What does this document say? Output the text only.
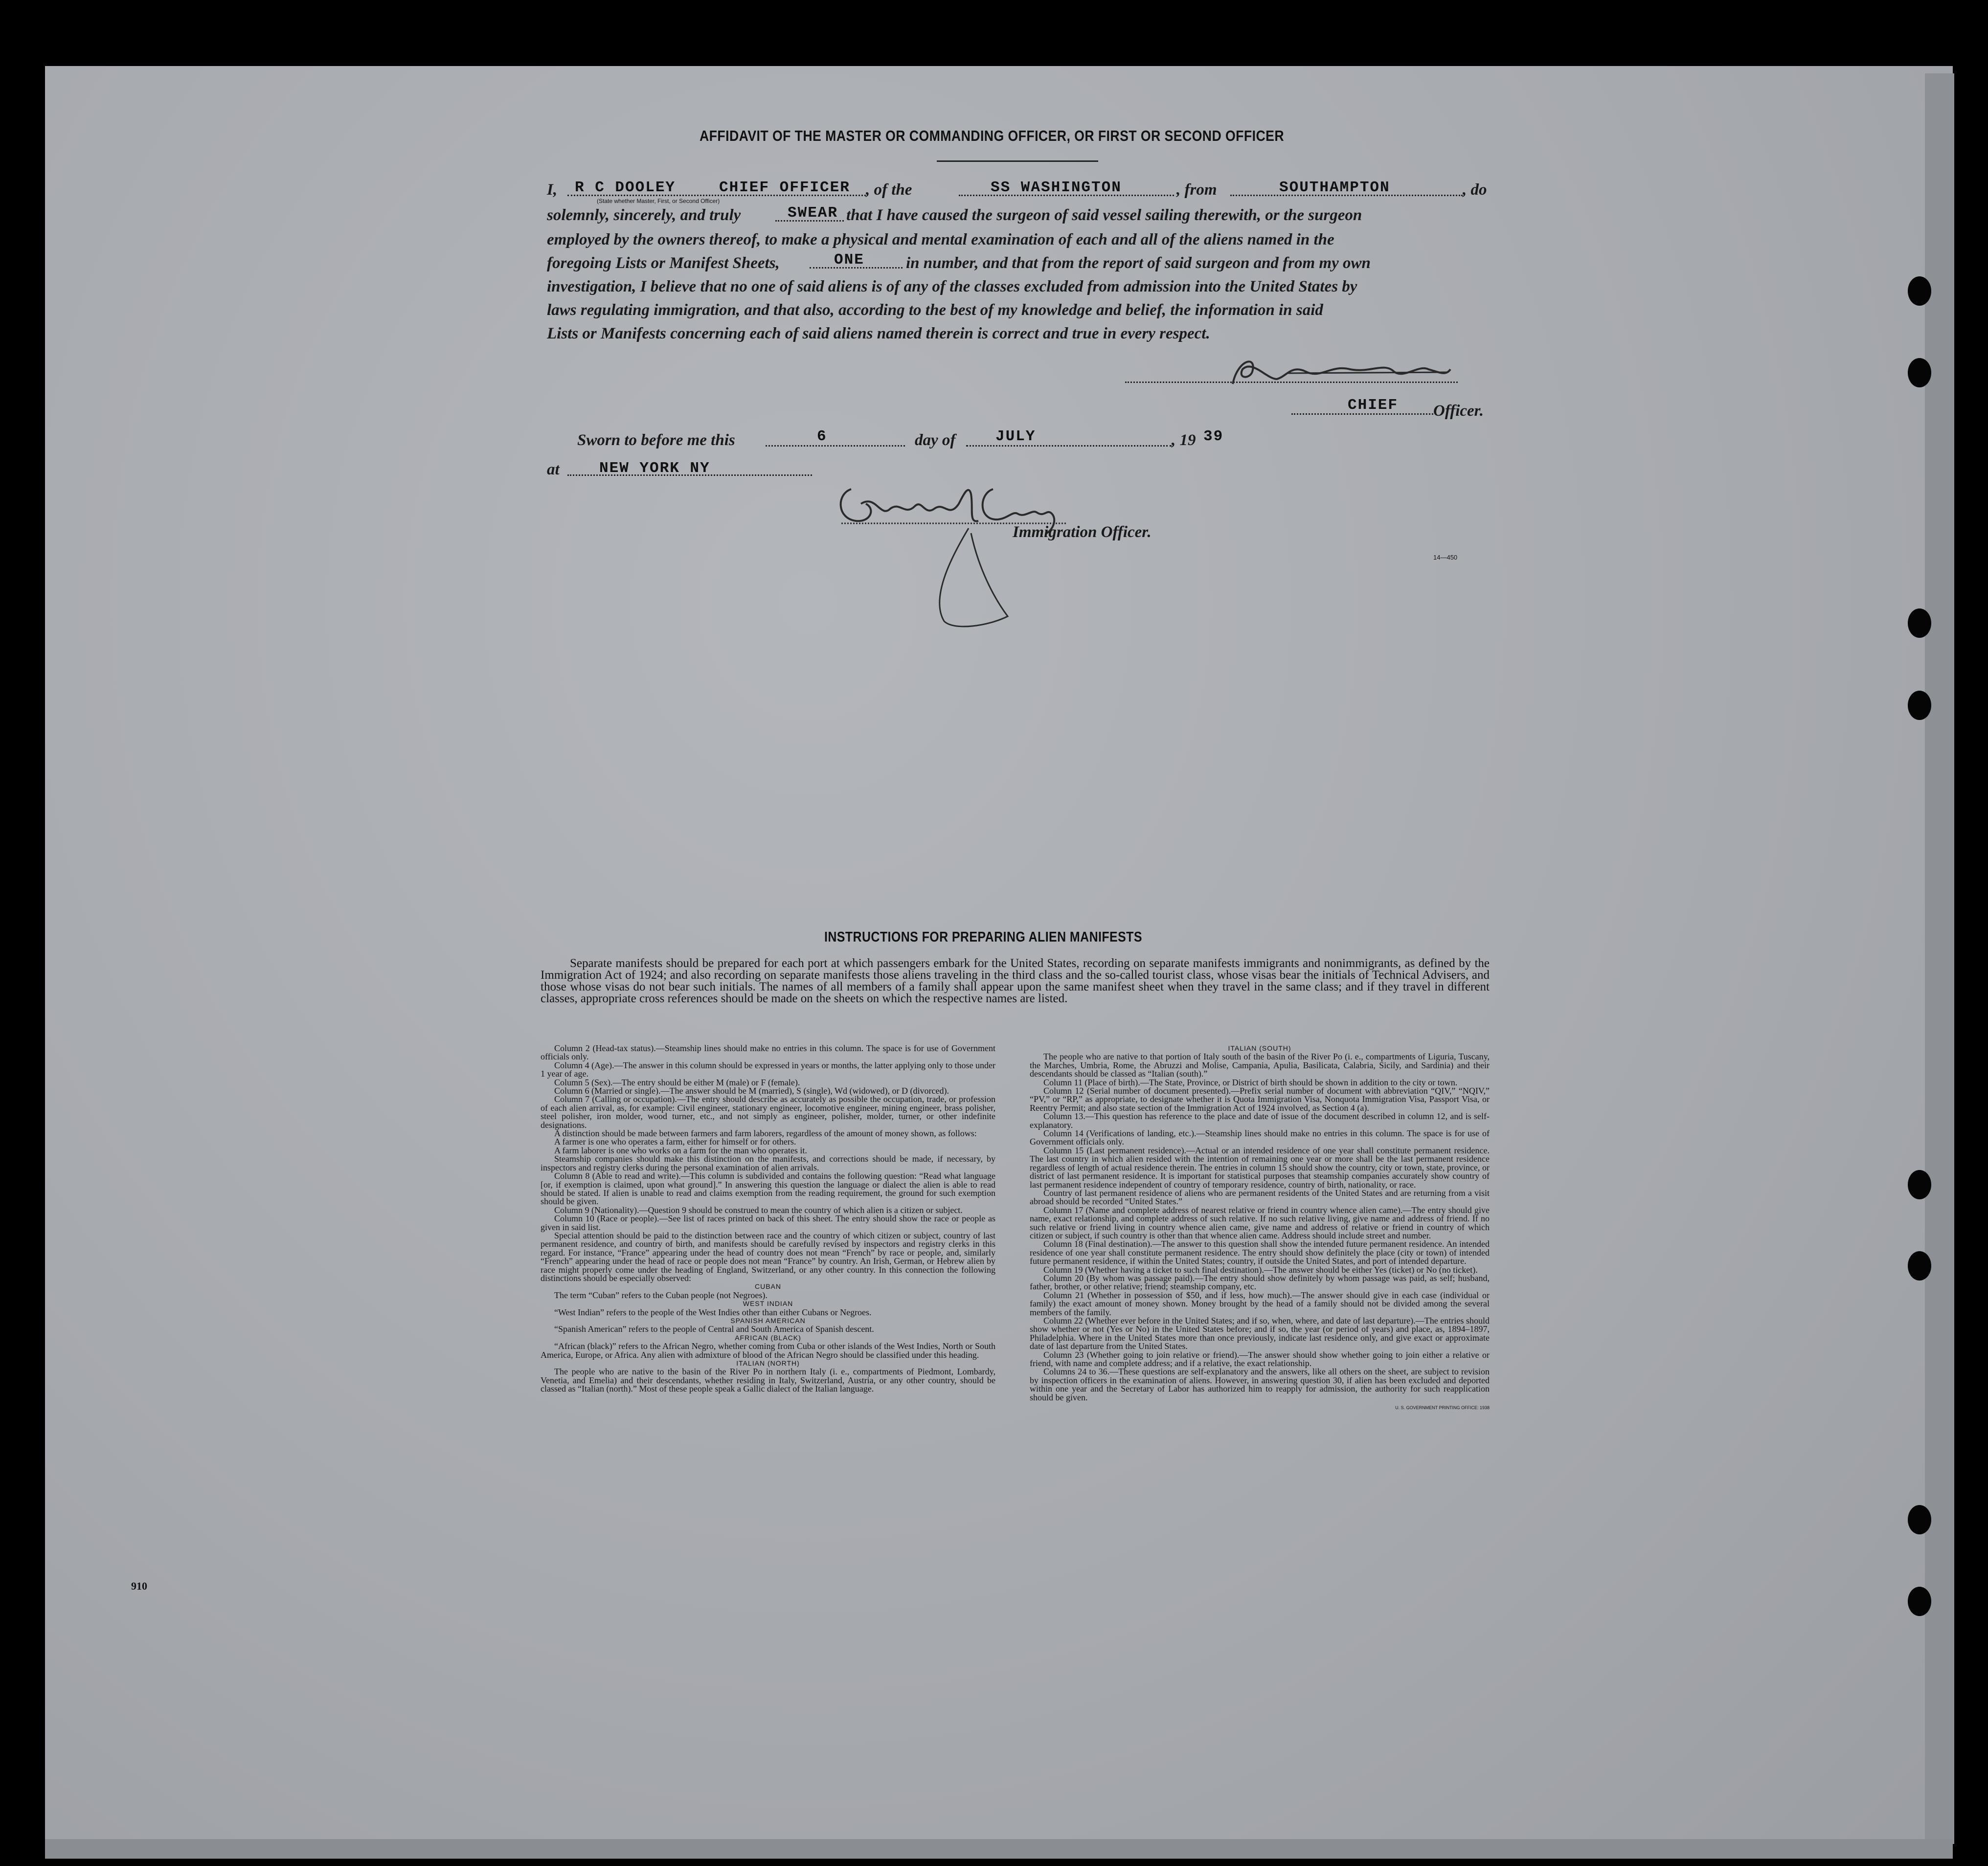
AFFIDAVIT OF THE MASTER OR COMMANDING OFFICER, OR FIRST OR SECOND OFFICER
I, R C DOOLEY	CHIEF OFFICER
(State whether Master, First, or Second Officer)
, of the	SS WASHINGTON	, from	SOUTHAMPTON	, do
solemnly, sincerely, and truly	SWEAR that I have caused the surgeon of said vessel sailing therewith, or the surgeon
employed by the owners thereof, to make a physical and mental examination of each and all of the aliens named in the
foregoing Lists or Manifest Sheets,	ONE	in number, and that from the report of said surgeon and from my own
investigation, I believe that no one of said aliens is of any of the classes excluded from admission into the United States by
laws regulating immigration, and that also, according to the best of my knowledge and belief, the information in said
Lists or Manifests concerning each of said aliens named therein is correct and true in every respect.
CHIEF Officer.
Sworn to before me this	6	day of	JULY	, 19 39
at	NEW YORK NY
Immigration Officer.
14—450
910
INSTRUCTIONS FOR PREPARING ALIEN MANIFESTS
Separate manifests should be prepared for each port at which passengers embark for the United States, recording on separate manifests immigrants and nonimmigrants, as defined by the Immigration Act of 1924; and also recording on separate manifests those aliens traveling in the third class and the so-called tourist class, whose visas bear the initials of Technical Advisers, and those whose visas do not bear such initials. The names of all members of a family shall appear upon the same manifest sheet when they travel in the same class; and if they travel in different classes, appropriate cross references should be made on the sheets on which the respective names are listed.

Column 2 (Head-tax status).—Steamship lines should make no entries in this column. The space is for use of Government officials only.

Column 4 (Age).—The answer in this column should be expressed in years or months, the latter applying only to those under 1 year of age.

Column 5 (Sex).—The entry should be either M (male) or F (female).

Column 6 (Married or single).—The answer should be M (married), S (single), Wd (widowed), or D (divorced).

Column 7 (Calling or occupation).—The entry should describe as accurately as possible the occupation, trade, or profession of each alien arrival, as, for example: Civil engineer, stationary engineer, locomotive engineer, mining engineer, brass polisher, steel polisher, iron molder, wood turner, etc., and not simply as engineer, polisher, molder, turner, or other indefinite designations.

A distinction should be made between farmers and farm laborers, regardless of the amount of money shown, as follows:

A farmer is one who operates a farm, either for himself or for others.

A farm laborer is one who works on a farm for the man who operates it.

Steamship companies should make this distinction on the manifests, and corrections should be made, if necessary, by inspectors and registry clerks during the personal examination of alien arrivals.

Column 8 (Able to read and write).—This column is subdivided and contains the following question: “Read what language [or, if exemption is claimed, upon what ground].” In answering this question the language or dialect the alien is able to read should be stated. If alien is unable to read and claims exemption from the reading requirement, the ground for such exemption should be given.

Column 9 (Nationality).—Question 9 should be construed to mean the country of which alien is a citizen or subject.

Column 10 (Race or people).—See list of races printed on back of this sheet. The entry should show the race or people as given in said list.

Special attention should be paid to the distinction between race and the country of which citizen or subject, country of last permanent residence, and country of birth, and manifests should be carefully revised by inspectors and registry clerks in this regard. For instance, “France” appearing under the head of country does not mean “French” by race or people, and, similarly “French” appearing under the head of race or people does not mean “France” by country. An Irish, German, or Hebrew alien by race might properly come under the heading of England, Switzerland, or any other country. In this connection the following distinctions should be especially observed:

CUBAN

The term “Cuban” refers to the Cuban people (not Negroes).

WEST INDIAN

“West Indian” refers to the people of the West Indies other than either Cubans or Negroes.

SPANISH AMERICAN

“Spanish American” refers to the people of Central and South America of Spanish descent.

AFRICAN (BLACK)

“African (black)” refers to the African Negro, whether coming from Cuba or other islands of the West Indies, North or South America, Europe, or Africa. Any alien with admixture of blood of the African Negro should be classified under this heading.

ITALIAN (NORTH)

The people who are native to the basin of the River Po in northern Italy (i. e., compartments of Piedmont, Lombardy, Venetia, and Emelia) and their descendants, whether residing in Italy, Switzerland, Austria, or any other country, should be classed as “Italian (north).” Most of these people speak a Gallic dialect of the Italian language.

ITALIAN (SOUTH)

The people who are native to that portion of Italy south of the basin of the River Po (i. e., compartments of Liguria, Tuscany, the Marches, Umbria, Rome, the Abruzzi and Molise, Campania, Apulia, Basilicata, Calabria, Sicily, and Sardinia) and their descendants should be classed as “Italian (south).”

Column 11 (Place of birth).—The State, Province, or District of birth should be shown in addition to the city or town.

Column 12 (Serial number of document presented).—Prefix serial number of document with abbreviation “QIV,” “NQIV,” “PV,” or “RP,” as appropriate, to designate whether it is Quota Immigration Visa, Nonquota Immigration Visa, Passport Visa, or Reentry Permit; and also state section of the Immigration Act of 1924 involved, as Section 4 (a).

Column 13.—This question has reference to the place and date of issue of the document described in column 12, and is self-explanatory.

Column 14 (Verifications of landing, etc.).—Steamship lines should make no entries in this column. The space is for use of Government officials only.

Column 15 (Last permanent residence).—Actual or an intended residence of one year shall constitute permanent residence. The last country in which alien resided with the intention of remaining one year or more shall be the last permanent residence regardless of length of actual residence therein. The entries in column 15 should show the country, city or town, state, province, or district of last permanent residence. It is important for statistical purposes that steamship companies accurately show country of last permanent residence independent of country of temporary residence, country of birth, nationality, or race.

Country of last permanent residence of aliens who are permanent residents of the United States and are returning from a visit abroad should be recorded “United States.”

Column 17 (Name and complete address of nearest relative or friend in country whence alien came).—The entry should give name, exact relationship, and complete address of such relative. If no such relative living, give name and address of friend. If no such relative or friend living in country whence alien came, give name and address of relative or friend in country of which citizen or subject, if such country is other than that whence alien came. Address should include street and number.

Column 18 (Final destination).—The answer to this question shall show the intended future permanent residence. An intended residence of one year shall constitute permanent residence. The entry should show definitely the place (city or town) of intended future permanent residence, if within the United States; country, if outside the United States, and port of intended departure.

Column 19 (Whether having a ticket to such final destination).—The answer should be either Yes (ticket) or No (no ticket).

Column 20 (By whom was passage paid).—The entry should show definitely by whom passage was paid, as self; husband, father, brother, or other relative; friend; steamship company, etc.

Column 21 (Whether in possession of $50, and if less, how much).—The answer should give in each case (individual or family) the exact amount of money shown. Money brought by the head of a family should not be divided among the several members of the family.

Column 22 (Whether ever before in the United States; and if so, when, where, and date of last departure).—The entries should show whether or not (Yes or No) in the United States before; and if so, the year (or period of years) and place, as, 1894–1897, Philadelphia. Where in the United States more than once previously, indicate last residence only, and give exact or approximate date of last departure from the United States.

Column 23 (Whether going to join relative or friend).—The answer should show whether going to join either a relative or friend, with name and complete address; and if a relative, the exact relationship.

Columns 24 to 36.—These questions are self-explanatory and the answers, like all others on the sheet, are subject to revision by inspection officers in the examination of aliens. However, in answering question 30, if alien has been excluded and deported within one year and the Secretary of Labor has authorized him to reapply for admission, the authority for such reapplication should be given.

U. S. GOVERNMENT PRINTING OFFICE: 1938
